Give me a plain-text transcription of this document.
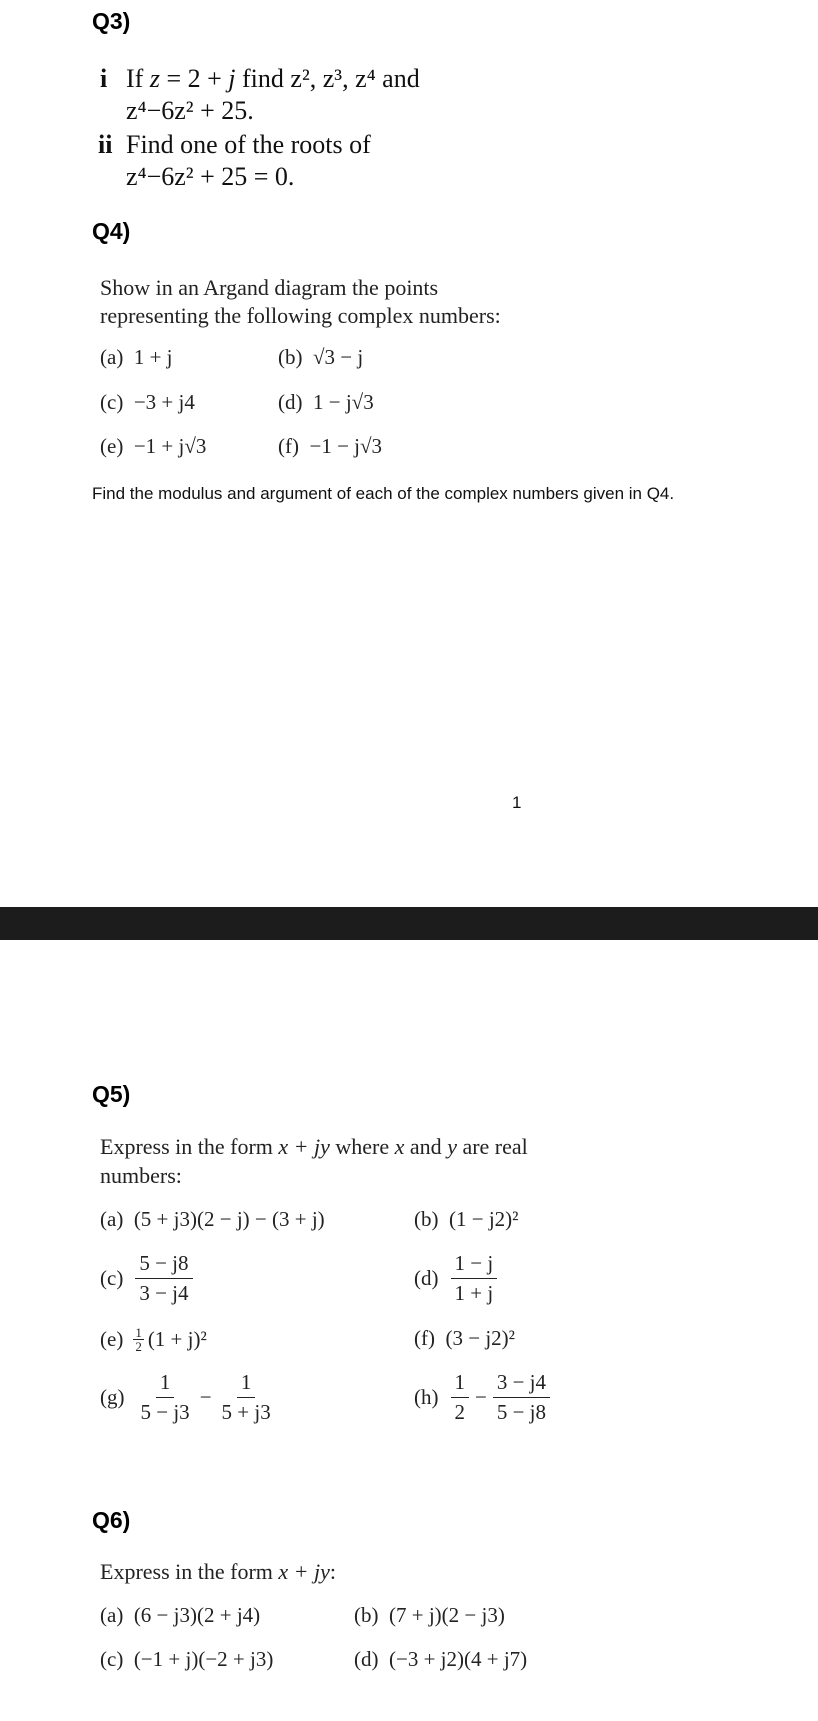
Q3)
i If z = 2 + j find z², z³, z⁴ and
z⁴−6z² + 25.
ii Find one of the roots of
z⁴−6z² + 25 = 0.
Q4)
Show in an Argand diagram the points
representing the following complex numbers:
(a) 1 + j	(b) √3 − j
(c) −3 + j4	(d) 1 − j√3
(e) −1 + j√3	(f) −1 − j√3
Find the modulus and argument of each of the complex numbers given in Q4.
1
Q5)
Express in the form x + jy where x and y are real
numbers:
(a) (5 + j3)(2 − j) − (3 + j)	(b) (1 − j2)²
$(c) \frac{5 - j8}{3 - j4}$	$(d) \frac{1 - j}{1 + j}$
$(e) \frac{1}{2} (1 + j)^2$	(f) (3 − j2)²
$(g) \frac{1}{5 - j3} - \frac{1}{5 + j3}$	$(h) \frac{1}{2} - \frac{3 - j4}{5 - j8}$
Q6)
Express in the form x + jy:
(a) (6 − j3)(2 + j4)	(b) (7 + j)(2 − j3)
(c) (−1 + j)(−2 + j3)	(d) (−3 + j2)(4 + j7)
